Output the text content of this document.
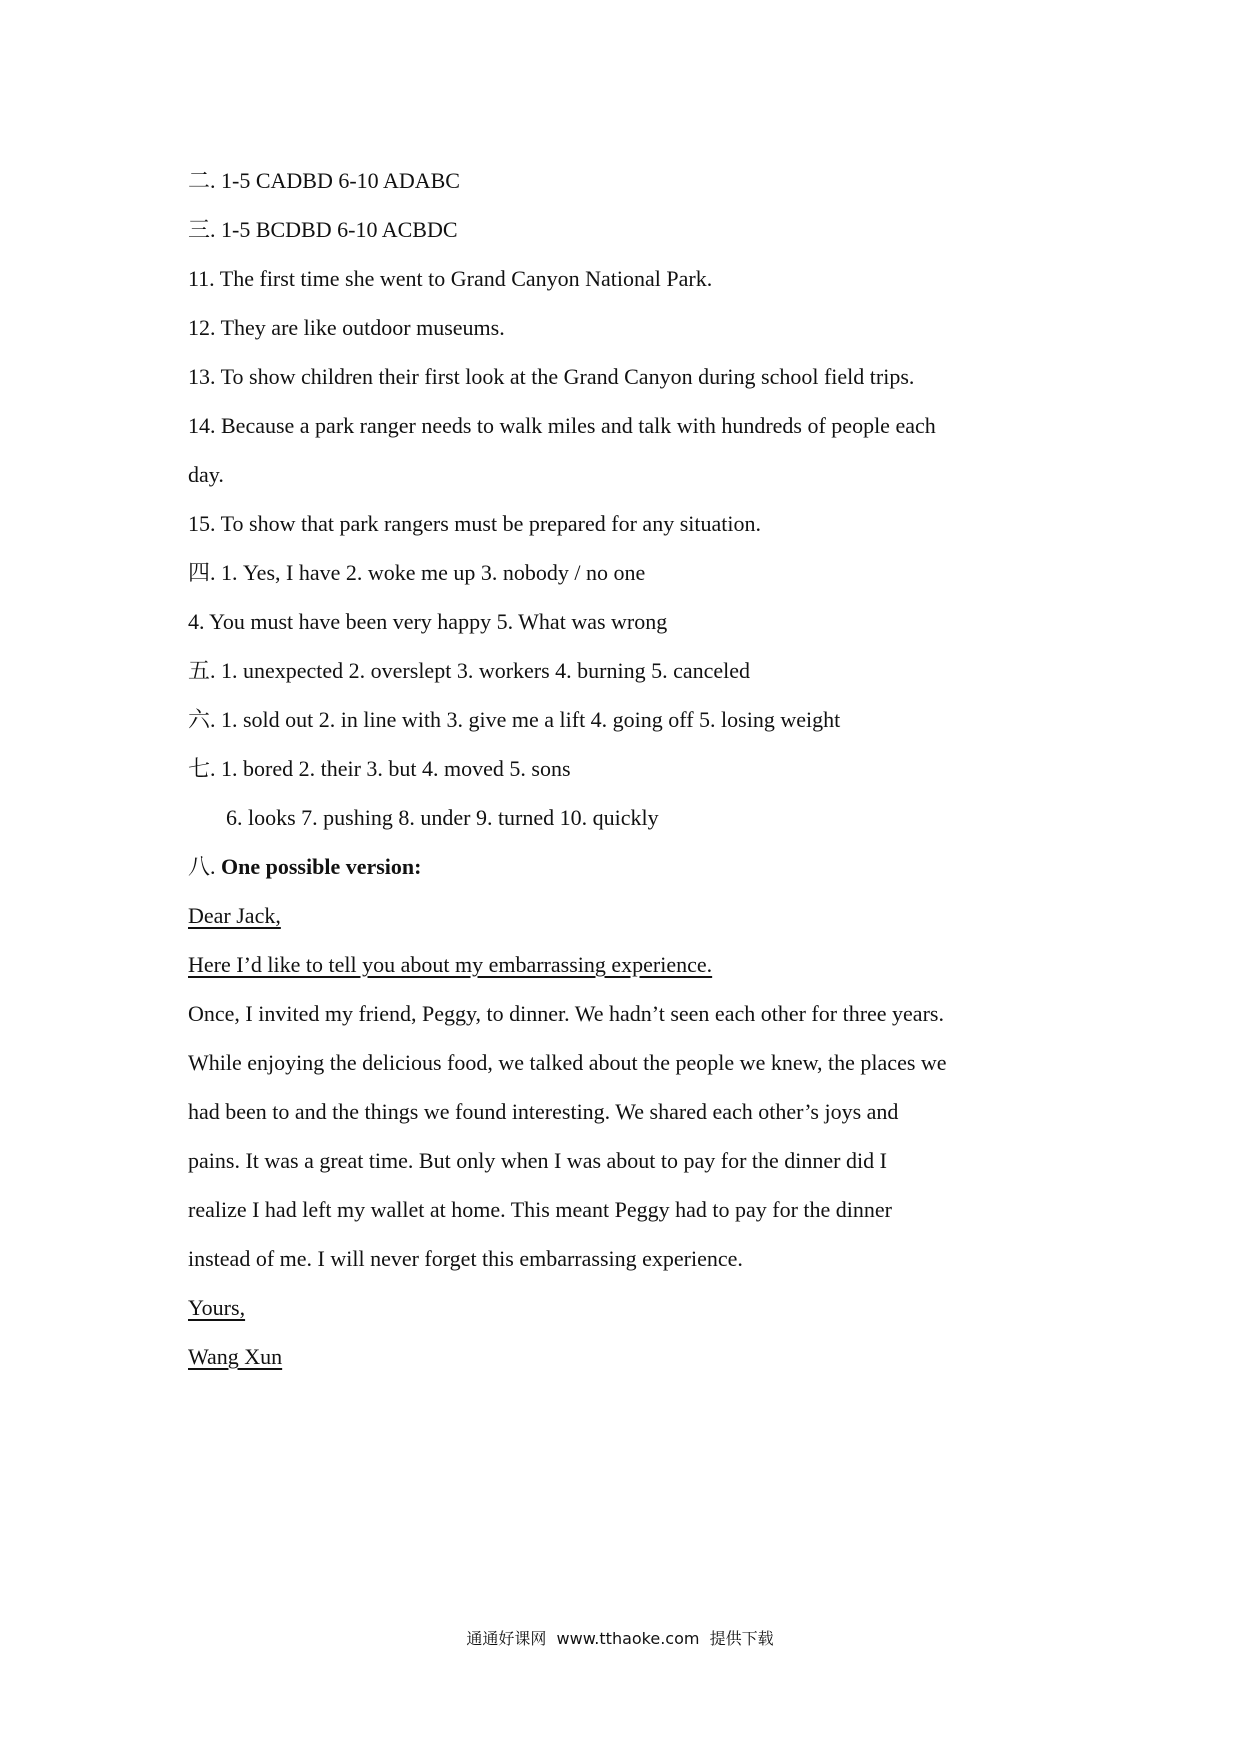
二. 1-5 CADBD 6-10 ADABC
三. 1-5 BCDBD 6-10 ACBDC
11. The first time she went to Grand Canyon National Park.
12. They are like outdoor museums.
13. To show children their first look at the Grand Canyon during school field trips.
14. Because a park ranger needs to walk miles and talk with hundreds of people each
day.
15. To show that park rangers must be prepared for any situation.
四. 1. Yes, I have 2. woke me up 3. nobody / no one
4. You must have been very happy 5. What was wrong
五. 1. unexpected 2. overslept 3. workers 4. burning 5. canceled
六. 1. sold out 2. in line with 3. give me a lift 4. going off 5. losing weight
七. 1. bored 2. their 3. but 4. moved 5. sons
6. looks 7. pushing 8. under 9. turned 10. quickly
八. One possible version:
Dear Jack,
Here I’d like to tell you about my embarrassing experience.
Once, I invited my friend, Peggy, to dinner. We hadn’t seen each other for three years.
While enjoying the delicious food, we talked about the people we knew, the places we
had been to and the things we found interesting. We shared each other’s joys and
pains. It was a great time. But only when I was about to pay for the dinner did I
realize I had left my wallet at home. This meant Peggy had to pay for the dinner
instead of me. I will never forget this embarrassing experience.
Yours,
Wang Xun
通通好课网  www.tthaoke.com  提供下载
